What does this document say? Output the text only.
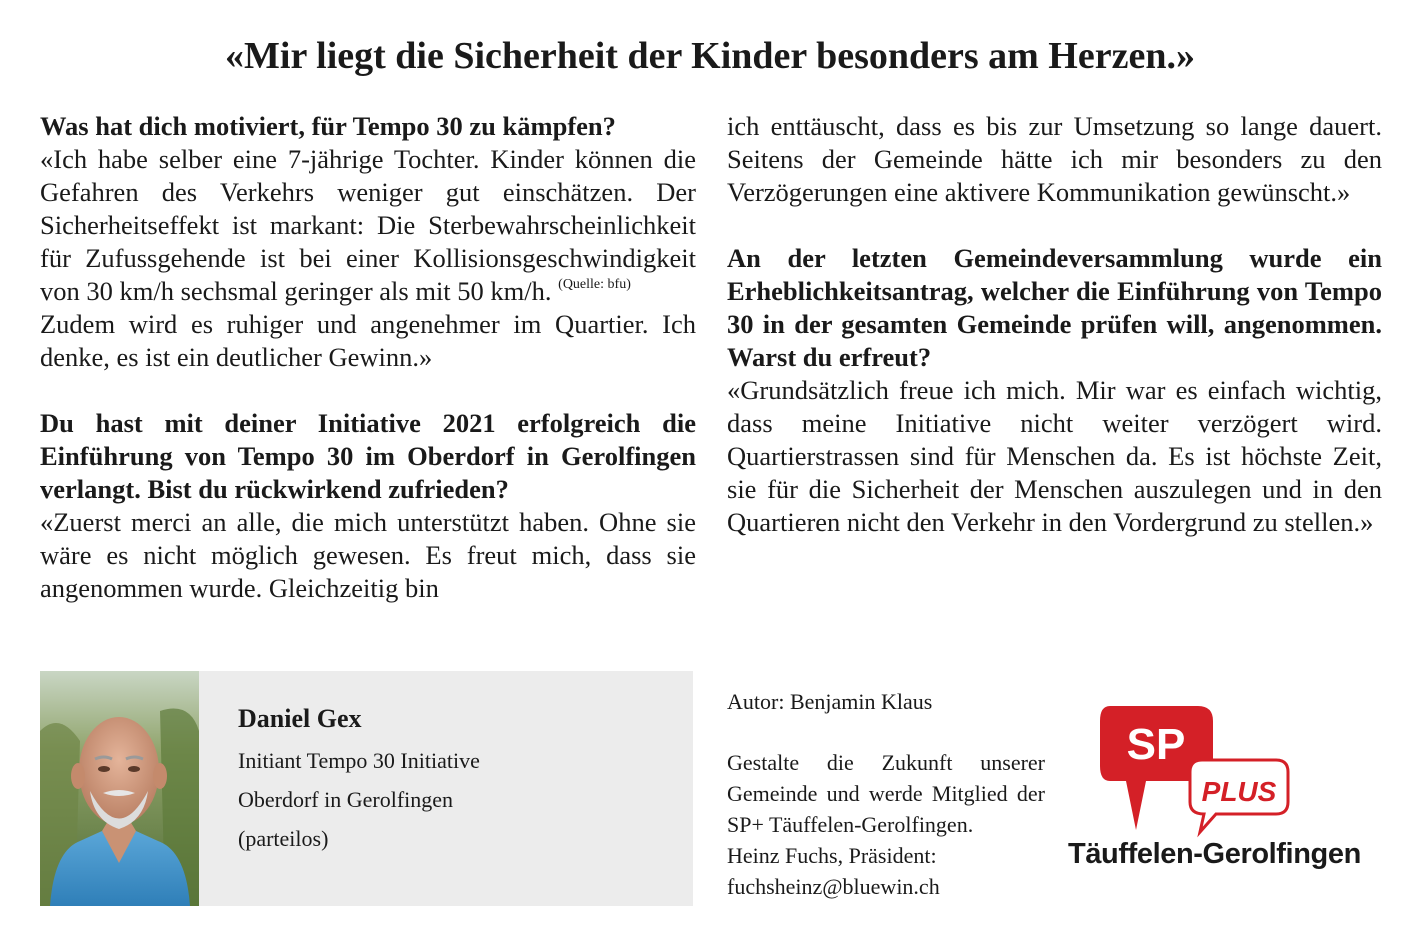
«Mir liegt die Sicherheit der Kinder besonders am Herzen.»

Was hat dich motiviert, für Tempo 30 zu kämpfen?

«Ich habe selber eine 7-jährige Tochter. Kinder können die Gefahren des Verkehrs weniger gut einschätzen. Der Sicherheitseffekt ist markant: Die Sterbewahrscheinlichkeit für Zufussgehende ist bei einer Kollisionsgeschwindigkeit von 30 km/h sechsmal geringer als mit 50 km/h. $^{(Quelle: bfu)}$

Zudem wird es ruhiger und angenehmer im Quartier. Ich denke, es ist ein deutlicher Gewinn.»

Du hast mit deiner Initiative 2021 erfolgreich die Einführung von Tempo 30 im Oberdorf in Gerolfingen verlangt. Bist du rückwirkend zufrieden?

«Zuerst merci an alle, die mich unterstützt haben. Ohne sie wäre es nicht möglich gewesen. Es freut mich, dass sie angenommen wurde. Gleichzeitig bin

ich enttäuscht, dass es bis zur Umsetzung so lange dauert. Seitens der Gemeinde hätte ich mir besonders zu den Verzögerungen eine aktivere Kommunikation gewünscht.»

An der letzten Gemeindeversammlung wurde ein Erheblichkeitsantrag, welcher die Einführung von Tempo 30 in der gesamten Gemeinde prüfen will, angenommen. Warst du erfreut?

«Grundsätzlich freue ich mich. Mir war es einfach wichtig, dass meine Initiative nicht weiter verzögert wird. Quartierstrassen sind für Menschen da. Es ist höchste Zeit, sie für die Sicherheit der Menschen auszulegen und in den Quartieren nicht den Verkehr in den Vordergrund zu stellen.»

Daniel Gex
Initiant Tempo 30 Initiative
Oberdorf in Gerolfingen
(parteilos)
Autor: Benjamin Klaus

Gestalte die Zukunft unserer Gemeinde und werde Mitglied der SP+ Täuffelen-Gerolfingen.

Heinz Fuchs, Präsident:

fuchsheinz@bluewin.ch

SP
PLUS
Täuffelen-Gerolfingen
